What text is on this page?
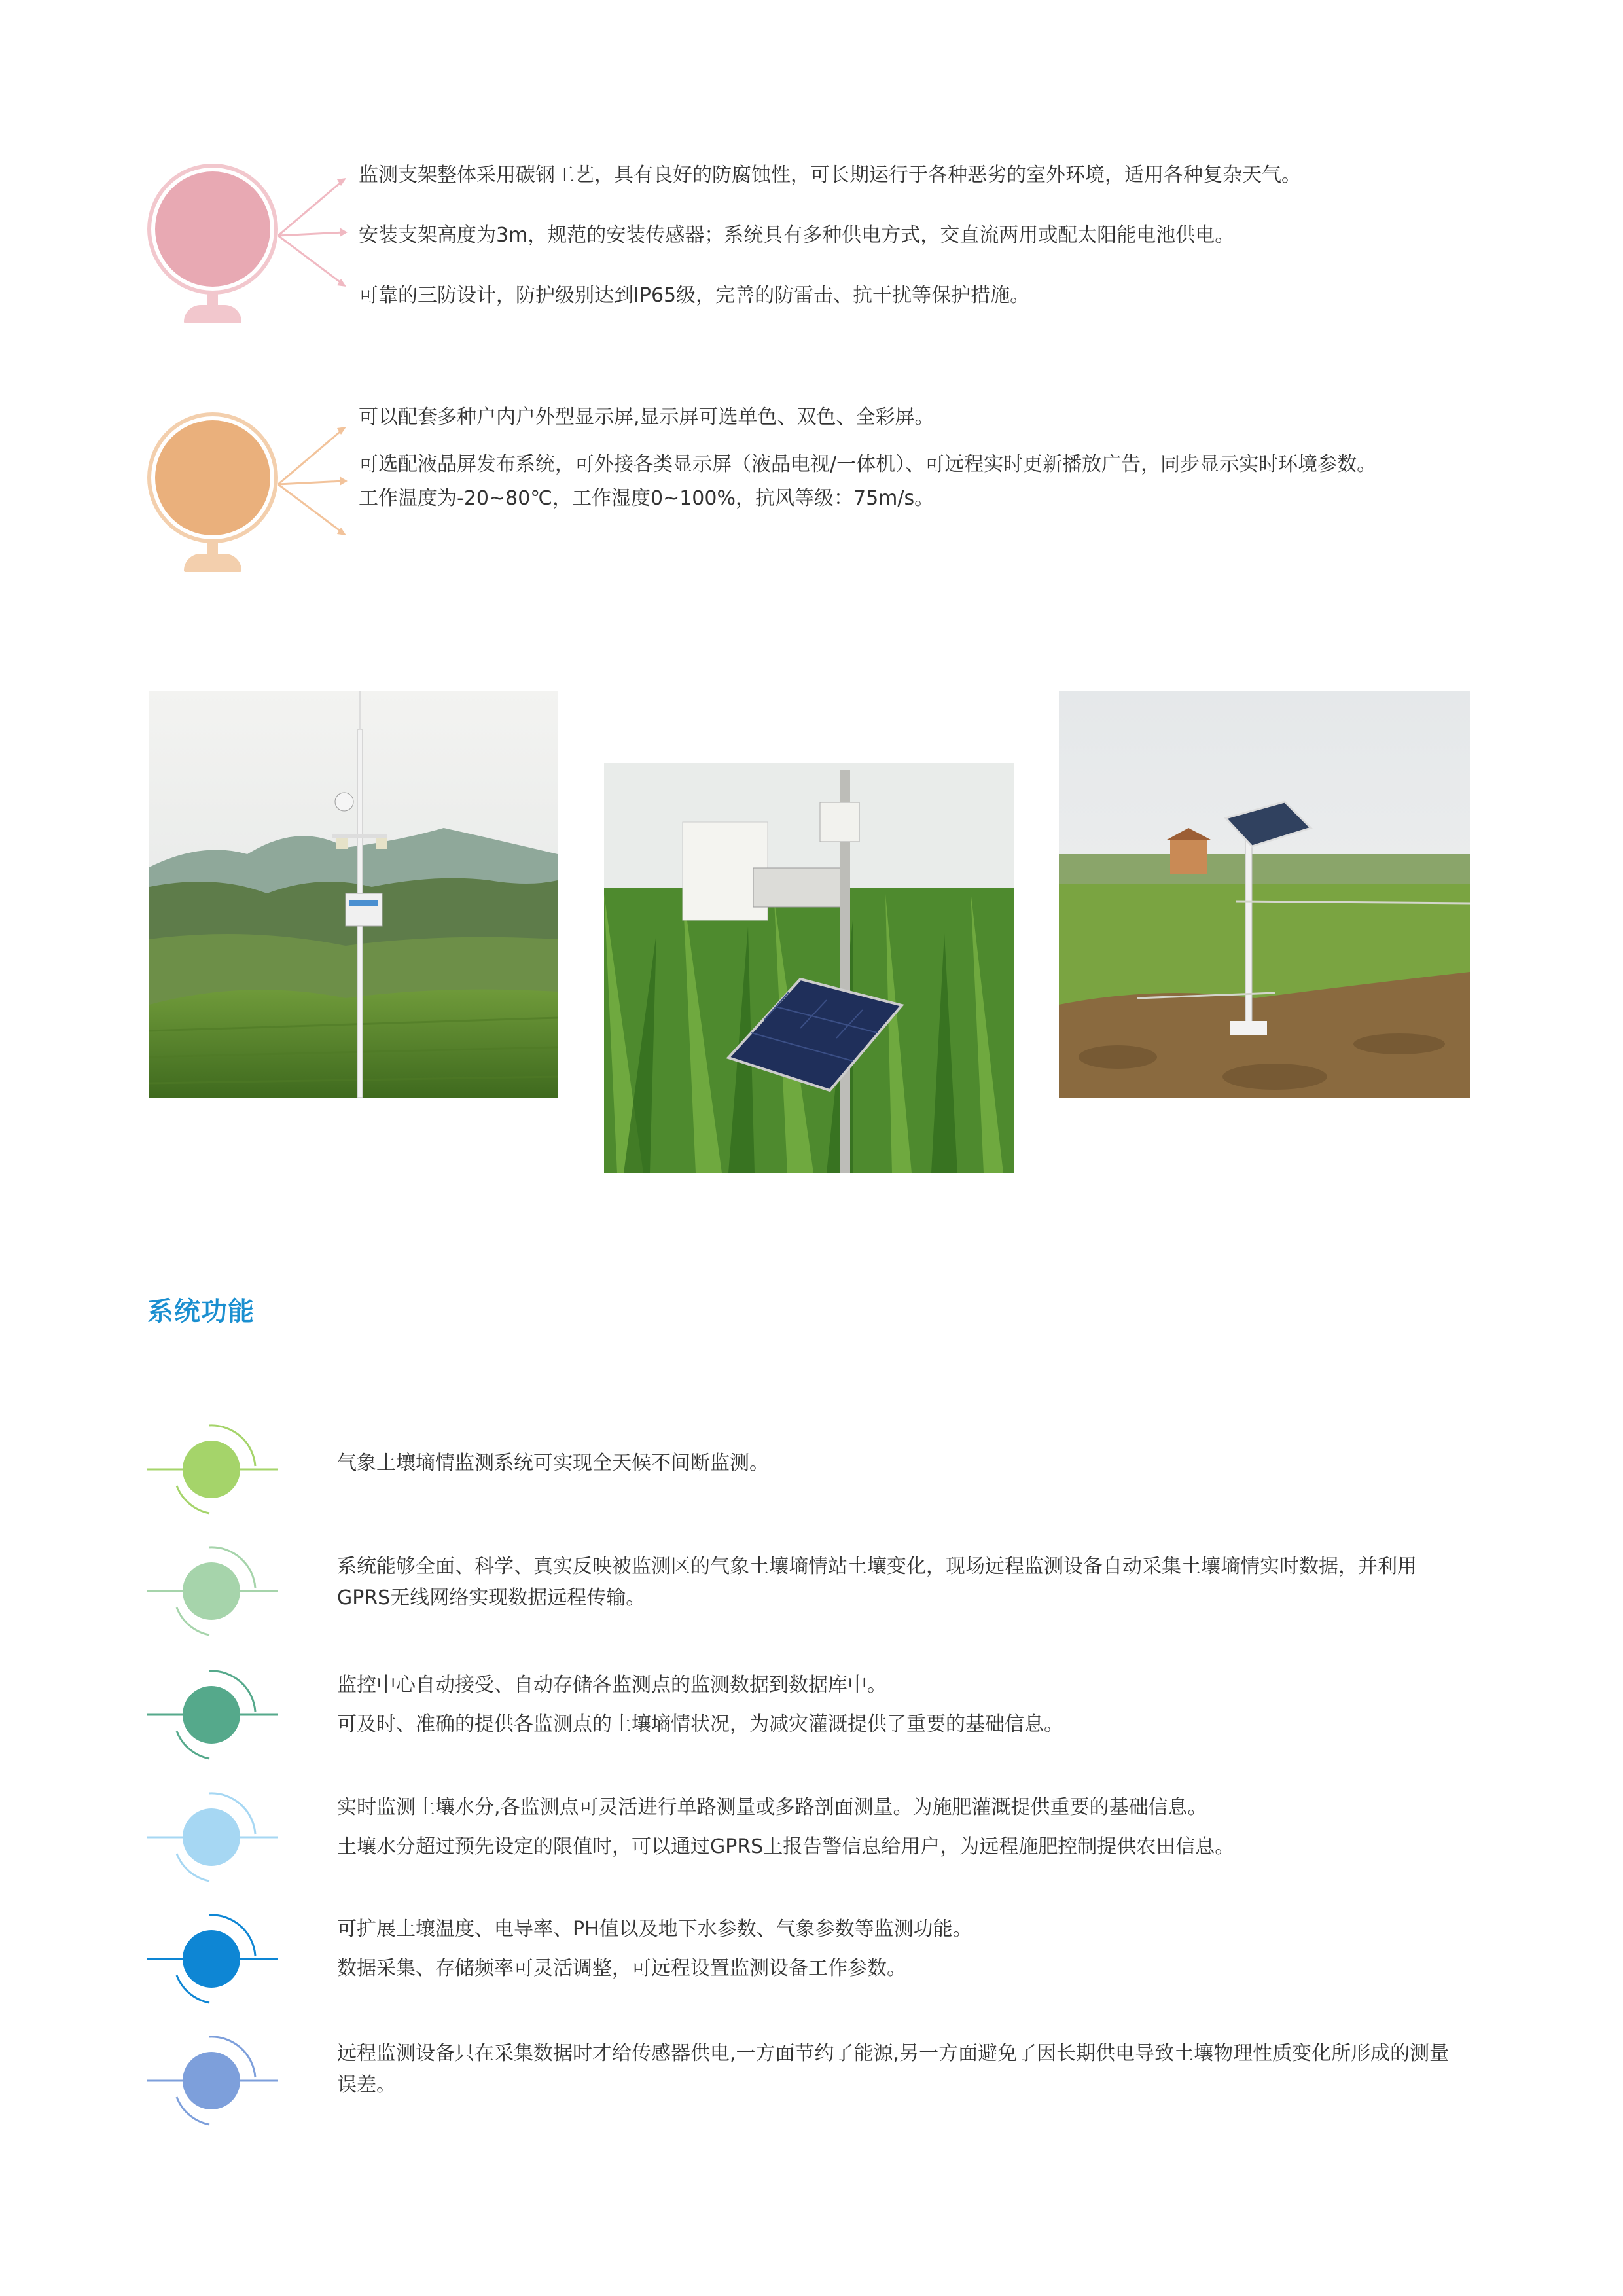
监测支架整体采用碳钢工艺，具有良好的防腐蚀性，可长期运行于各种恶劣的室外环境，适用各种复杂天气。

安装支架高度为3m，规范的安装传感器；系统具有多种供电方式，交直流两用或配太阳能电池供电。

可靠的三防设计，防护级别达到IP65级，完善的防雷击、抗干扰等保护措施。

可以配套多种户内户外型显示屏,显示屏可选单色、双色、全彩屏。

可选配液晶屏发布系统，可外接各类显示屏（液晶电视/一体机）、可远程实时更新播放广告，同步显示实时环境参数。

工作温度为-20~80℃，工作湿度0~100%，抗风等级：75m/s。

系统功能

气象土壤墒情监测系统可实现全天候不间断监测。

系统能够全面、科学、真实反映被监测区的气象土壤墒情站土壤变化，现场远程监测设备自动采集土壤墒情实时数据，并利用GPRS无线网络实现数据远程传输。

监控中心自动接受、自动存储各监测点的监测数据到数据库中。

可及时、准确的提供各监测点的土壤墒情状况，为减灾灌溉提供了重要的基础信息。

实时监测土壤水分,各监测点可灵活进行单路测量或多路剖面测量。为施肥灌溉提供重要的基础信息。

土壤水分超过预先设定的限值时，可以通过GPRS上报告警信息给用户，为远程施肥控制提供农田信息。

可扩展土壤温度、电导率、PH值以及地下水参数、气象参数等监测功能。

数据采集、存储频率可灵活调整，可远程设置监测设备工作参数。

远程监测设备只在采集数据时才给传感器供电,一方面节约了能源,另一方面避免了因长期供电导致土壤物理性质变化所形成的测量误差。
